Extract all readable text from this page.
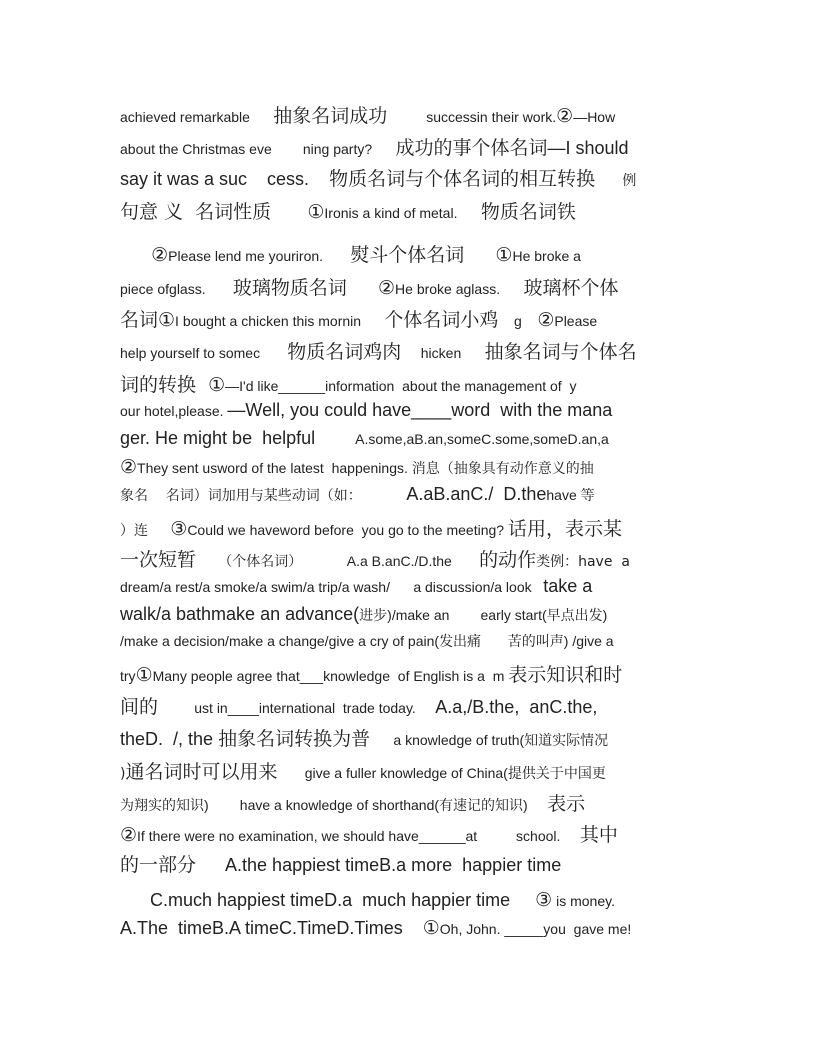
achieved remarkable 抽象名词成功 successin their work. ② —How
about the Christmas eve        ning party? 成功的事个体名词 —I should
say it was a suc    cess. 物质名词与个体名词的相互转换 例
句意 义  名词性质 ① Ironis a kind of metal. 物质名词铁

② Please lend me youriron. 熨斗个体名词
① He broke a
piece ofglass. 玻璃物质名词
② He broke aglass. 玻璃杯个体
名词① I bought a chicken this mornin 个体名词小鸡 g ② Please
help yourself to somec 物质名词鸡肉 hicken 抽象名词与个体名
词的转换  ① —I'd like______information  about the management of  y
our hotel,please. —Well, you could have____word  with the mana
ger. He might be  helpful A.some,aB.an,someC.some,someD.an,a
② They sent usword of the latest  happenings. 消息（抽象具有动作意义的抽
象名    名词）词加用与某些动词（如： A.aB.anC./  D.the have 等
）连 ③ Could we haveword before  you go to the meeting? 话用，表示某
一次短暂 （个体名词） A.a B.anC./D.the 的动作 类例：have  a
dream/a rest/a smoke/a swim/a trip/a wash/      a discussion/a look take a
walk/a bathmake an advance( 进步 )/make an        early start( 早点出发 )
/make a decision/make a change/give a cry of pain( 发出痛      苦的叫声 ) /give a
try ① Many people agree that___knowledge  of English is a  m 表示知识和时
间的 ust in____international  trade today. A.a,/B.the,  anC.the,
theD.  /, the 抽象名词转换为普 a knowledge of truth( 知道实际情况
) 通名词时可以用来 give a fuller knowledge of China( 提供关于中国更
为翔实的知识 )        have a knowledge of shorthand( 有速记的知识 ) 表示
② If there were no examination, we should have______at          school. 其中
的一部分 A.the happiest timeB.a more  happier time
C.much happiest timeD.a  much happier time ③ is money.
A.The  timeB.A timeC.TimeD.Times ① Oh, John. _____you  gave me!
